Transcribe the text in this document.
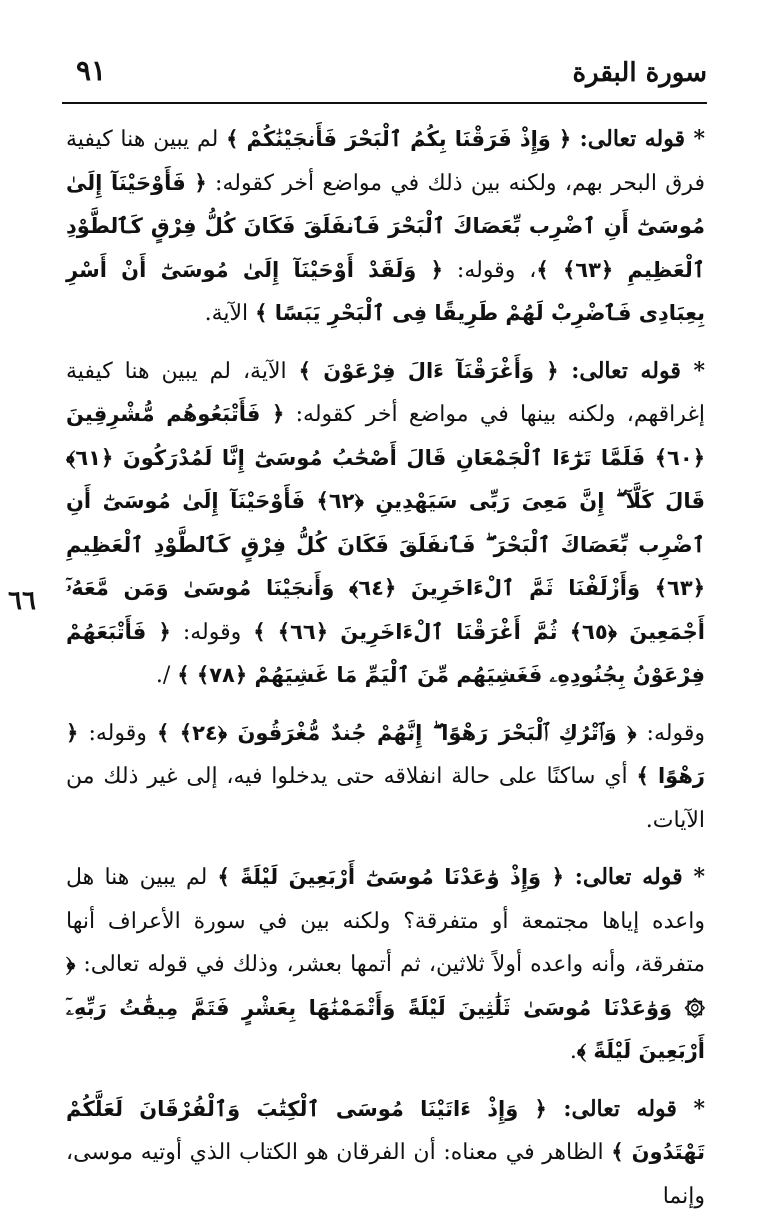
سورة البقرة
٩١
٦٦

* قوله تعالى: ﴿ وَإِذْ فَرَقْنَا بِكُمُ ٱلْبَحْرَ فَأَنجَيْنَٰكُمْ ﴾ لم يبين هنا كيفية فرق البحر بهم، ولكنه بين ذلك في مواضع أخر كقوله: ﴿ فَأَوْحَيْنَآ إِلَىٰ مُوسَىٰٓ أَنِ ٱضْرِب بِّعَصَاكَ ٱلْبَحْرَ فَٱنفَلَقَ فَكَانَ كُلُّ فِرْقٍ كَٱلطَّوْدِ ٱلْعَظِيمِ ﴿٦٣﴾ ﴾، وقوله: ﴿ وَلَقَدْ أَوْحَيْنَآ إِلَىٰ مُوسَىٰٓ أَنْ أَسْرِ بِعِبَادِى فَٱضْرِبْ لَهُمْ طَرِيقًا فِى ٱلْبَحْرِ يَبَسًا ﴾ الآية.

* قوله تعالى: ﴿ وَأَغْرَقْنَآ ءَالَ فِرْعَوْنَ ﴾ الآية، لم يبين هنا كيفية إغراقهم، ولكنه بينها في مواضع أخر كقوله: ﴿ فَأَتْبَعُوهُم مُّشْرِقِينَ ﴿٦٠﴾ فَلَمَّا تَرَٰٓءَا ٱلْجَمْعَانِ قَالَ أَصْحَٰبُ مُوسَىٰٓ إِنَّا لَمُدْرَكُونَ ﴿٦١﴾ قَالَ كَلَّآ ۖ إِنَّ مَعِىَ رَبِّى سَيَهْدِينِ ﴿٦٢﴾ فَأَوْحَيْنَآ إِلَىٰ مُوسَىٰٓ أَنِ ٱضْرِب بِّعَصَاكَ ٱلْبَحْرَ ۖ فَٱنفَلَقَ فَكَانَ كُلُّ فِرْقٍ كَٱلطَّوْدِ ٱلْعَظِيمِ ﴿٦٣﴾ وَأَزْلَفْنَا ثَمَّ ٱلْءَاخَرِينَ ﴿٦٤﴾ وَأَنجَيْنَا مُوسَىٰ وَمَن مَّعَهُۥٓ أَجْمَعِينَ ﴿٦٥﴾ ثُمَّ أَغْرَقْنَا ٱلْءَاخَرِينَ ﴿٦٦﴾ ﴾ وقوله: ﴿ فَأَتْبَعَهُمْ فِرْعَوْنُ بِجُنُودِهِۦ فَغَشِيَهُم مِّنَ ٱلْيَمِّ مَا غَشِيَهُمْ ﴿٧٨﴾ ﴾ /.

وقوله: ﴿ وَٱتْرُكِ ٱلْبَحْرَ رَهْوًا ۖ إِنَّهُمْ جُندٌ مُّغْرَقُونَ ﴿٢٤﴾ ﴾ وقوله: ﴿ رَهْوًا ﴾ أي ساكنًا على حالة انفلاقه حتى يدخلوا فيه، إلى غير ذلك من الآيات.

* قوله تعالى: ﴿ وَإِذْ وَٰعَدْنَا مُوسَىٰٓ أَرْبَعِينَ لَيْلَةً ﴾ لم يبين هنا هل واعده إياها مجتمعة أو متفرقة؟ ولكنه بين في سورة الأعراف أنها متفرقة، وأنه واعده أولاً ثلاثين، ثم أتمها بعشر، وذلك في قوله تعالى: ﴿ ۞ وَوَٰعَدْنَا مُوسَىٰ ثَلَٰثِينَ لَيْلَةً وَأَتْمَمْنَٰهَا بِعَشْرٍ فَتَمَّ مِيقَٰتُ رَبِّهِۦٓ أَرْبَعِينَ لَيْلَةً ﴾.

* قوله تعالى: ﴿ وَإِذْ ءَاتَيْنَا مُوسَى ٱلْكِتَٰبَ وَٱلْفُرْقَانَ لَعَلَّكُمْ تَهْتَدُونَ ﴾ الظاهر في معناه: أن الفرقان هو الكتاب الذي أوتيه موسى، وإنما
